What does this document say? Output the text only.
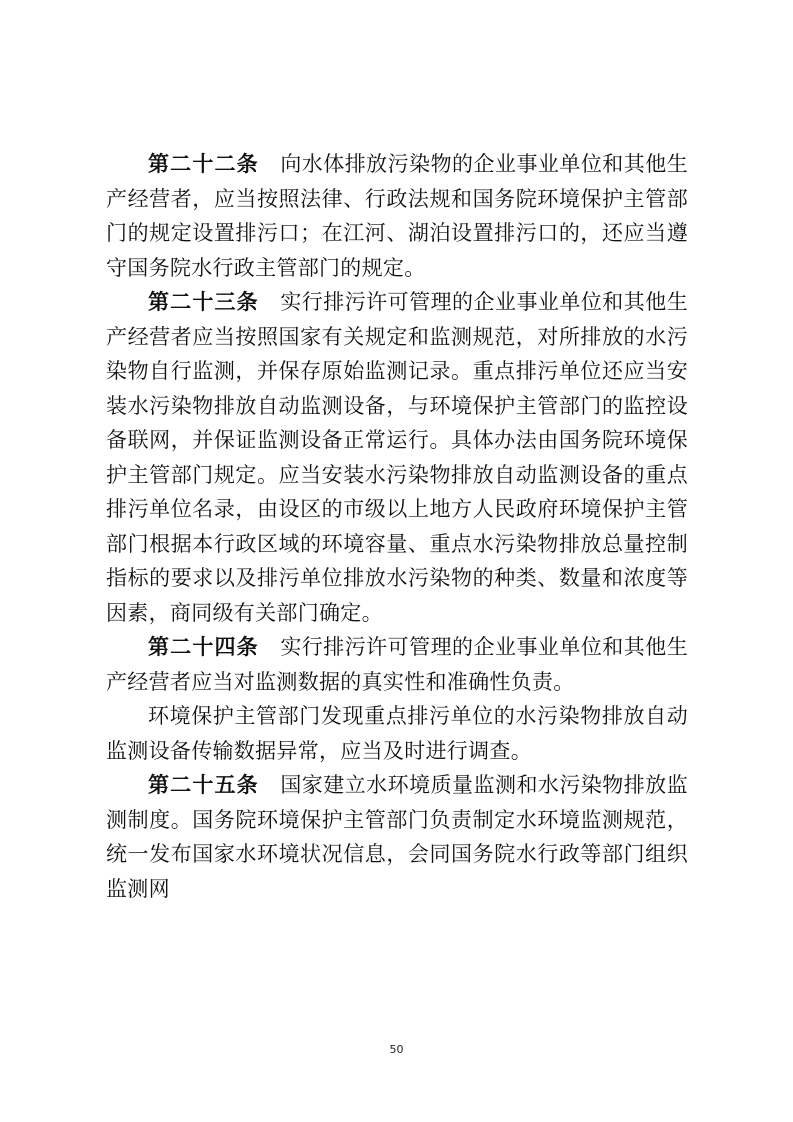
第二十二条　 向水体排放污染物的企业事业单位和其他生产经营者，应当按照法律、行政法规和国务院环境保护主管部门的规定设置排污口；在江河、湖泊设置排污口的，还应当遵守国务院水行政主管部门的规定。

第二十三条　 实行排污许可管理的企业事业单位和其他生产经营者应当按照国家有关规定和监测规范，对所排放的水污染物自行监测，并保存原始监测记录。重点排污单位还应当安装水污染物排放自动监测设备，与环境保护主管部门的监控设备联网，并保证监测设备正常运行。具体办法由国务院环境保护主管部门规定。应当安装水污染物排放自动监测设备的重点排污单位名录，由设区的市级以上地方人民政府环境保护主管部门根据本行政区域的环境容量、重点水污染物排放总量控制指标的要求以及排污单位排放水污染物的种类、数量和浓度等因素，商同级有关部门确定。

第二十四条　 实行排污许可管理的企业事业单位和其他生产经营者应当对监测数据的真实性和准确性负责。

环境保护主管部门发现重点排污单位的水污染物排放自动监测设备传输数据异常，应当及时进行调查。

第二十五条　 国家建立水环境质量监测和水污染物排放监测制度。国务院环境保护主管部门负责制定水环境监测规范，统一发布国家水环境状况信息，会同国务院水行政等部门组织监测网

50
